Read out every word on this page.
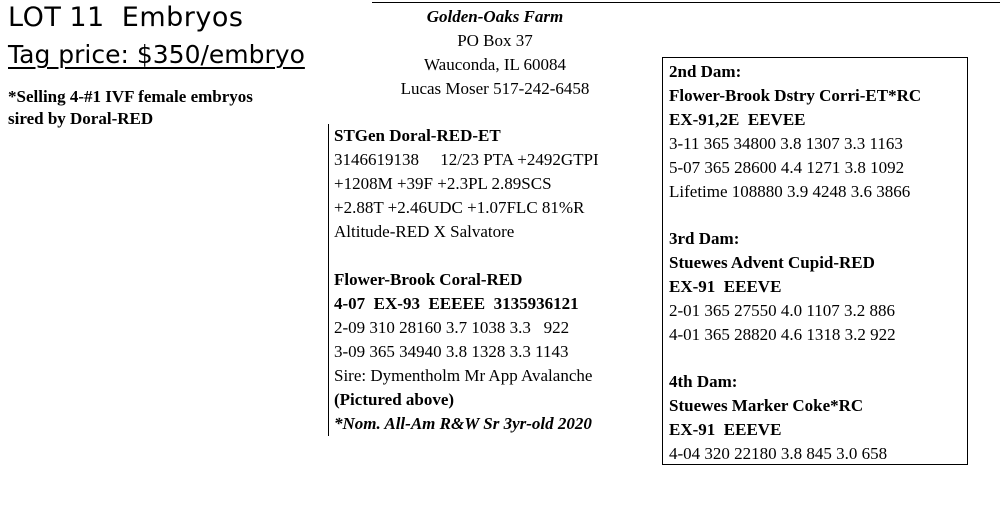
LOT 11 Embryos
Tag price: $350/embryo
*Selling 4-#1 IVF female embryos
sired by Doral-RED
Golden-Oaks Farm
PO Box 37
Wauconda, IL 60084
Lucas Moser 517-242-6458
STGen Doral-RED-ET
3146619138     12/23 PTA +2492GTPI
+1208M +39F +2.3PL 2.89SCS
+2.88T +2.46UDC +1.07FLC 81%R
Altitude-RED X Salvatore
Flower-Brook Coral-RED
4-07  EX-93  EEEEE  3135936121
2-09 310 28160 3.7 1038 3.3   922
3-09 365 34940 3.8 1328 3.3 1143
Sire: Dymentholm Mr App Avalanche
(Pictured above)
*Nom. All-Am R&W Sr 3yr-old 2020
2nd Dam:
Flower-Brook Dstry Corri-ET*RC
EX-91,2E  EEVEE
3-11 365 34800 3.8 1307 3.3 1163
5-07 365 28600 4.4 1271 3.8 1092
Lifetime 108880 3.9 4248 3.6 3866
3rd Dam:
Stuewes Advent Cupid-RED
EX-91  EEEVE
2-01 365 27550 4.0 1107 3.2 886
4-01 365 28820 4.6 1318 3.2 922
4th Dam:
Stuewes Marker Coke*RC
EX-91  EEEVE
4-04 320 22180 3.8 845 3.0 658
